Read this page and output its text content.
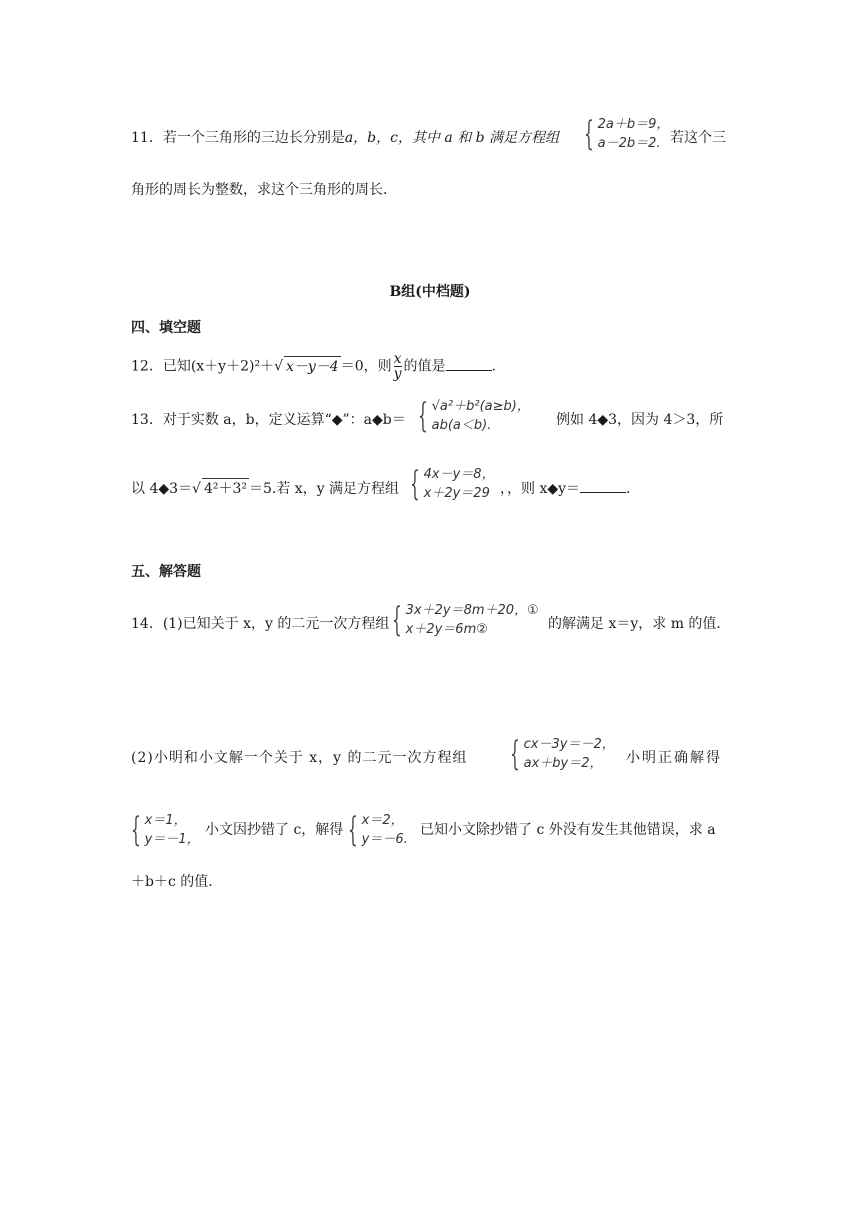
11．若一个三角形的三边长分别是a，b，c，其中 a 和 b 满足方程组 { 2a＋b＝9，
a－2b＝2. 若这个三
角形的周长为整数，求这个三角形的周长．
B组(中档题)
四、填空题
12．已知(x＋y＋2)²＋√ x－y－4 ＝0，则 $\frac{x}{y}$ 的值是	.
13．对于实数 a，b，定义运算“◆”：a◆b＝ { √a²＋b²(a≥b)，
ab(a＜b).	例如 4◆3，因为 4＞3，所
以 4◆3＝√ 4²＋3² ＝5.若 x，y 满足方程组 { 4x－y＝8，
x＋2y＝29 ，，则 x◆y＝	.
五、解答题
14．(1)已知关于 x，y 的二元一次方程组 { 3x＋2y＝8m＋20，①
x＋2y＝6m②	的解满足 x＝y，求 m 的值．
(2)小明和小文解一个关于 x，y 的二元一次方程组 { cx－3y＝－2，
ax＋by＝2，	小明正确解得
{ x＝1，
y＝－1，
小文因抄错了 c，解得 { x＝2，
y＝－6.
已知小文除抄错了 c 外没有发生其他错误，求 a
＋b＋c 的值．
